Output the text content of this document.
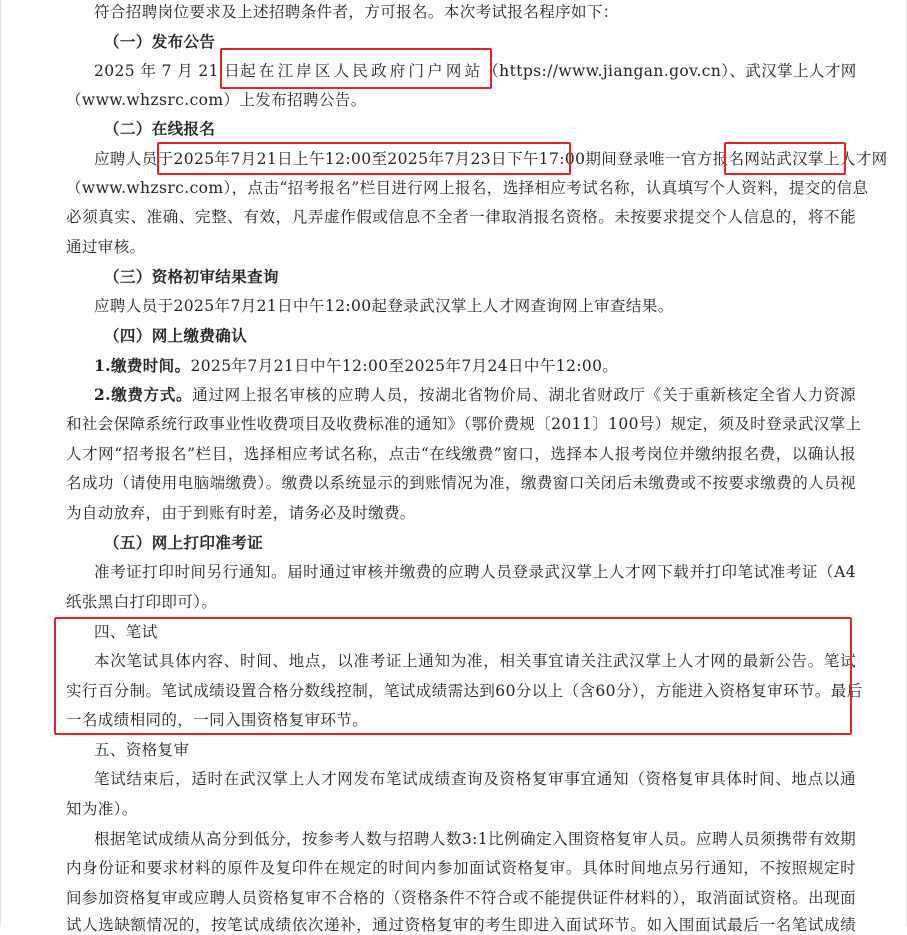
符合招聘岗位要求及上述招聘条件者，方可报名。本次考试报名程序如下：
（一）发布公告
2025 年 7 月 21 日起在江岸区人民政府门户网站（https://www.jiangan.gov.cn）、武汉掌上人才网
（www.whzsrc.com）上发布招聘公告。
（二）在线报名
应聘人员于2025年7月21日上午12:00至2025年7月23日下午17:00期间登录唯一官方报名网站武汉掌上人才网
（www.whzsrc.com），点击“招考报名”栏目进行网上报名，选择相应考试名称，认真填写个人资料，提交的信息
必须真实、准确、完整、有效，凡弄虚作假或信息不全者一律取消报名资格。未按要求提交个人信息的，将不能
通过审核。
（三）资格初审结果查询
应聘人员于2025年7月21日中午12:00起登录武汉掌上人才网查询网上审查结果。
（四）网上缴费确认
1.缴费时间。2025年7月21日中午12:00至2025年7月24日中午12:00。
2.缴费方式。通过网上报名审核的应聘人员，按湖北省物价局、湖北省财政厅《关于重新核定全省人力资源
和社会保障系统行政事业性收费项目及收费标准的通知》（鄂价费规〔2011〕100号）规定，须及时登录武汉掌上
人才网“招考报名”栏目，选择相应考试名称，点击“在线缴费”窗口，选择本人报考岗位并缴纳报名费，以确认报
名成功（请使用电脑端缴费）。缴费以系统显示的到账情况为准，缴费窗口关闭后未缴费或不按要求缴费的人员视
为自动放弃，由于到账有时差，请务必及时缴费。
（五）网上打印准考证
准考证打印时间另行通知。届时通过审核并缴费的应聘人员登录武汉掌上人才网下载并打印笔试准考证（A4
纸张黑白打印即可）。
四、笔试
本次笔试具体内容、时间、地点，以准考证上通知为准，相关事宜请关注武汉掌上人才网的最新公告。笔试
实行百分制。笔试成绩设置合格分数线控制，笔试成绩需达到60分以上（含60分），方能进入资格复审环节。最后
一名成绩相同的，一同入围资格复审环节。
五、资格复审
笔试结束后，适时在武汉掌上人才网发布笔试成绩查询及资格复审事宜通知（资格复审具体时间、地点以通
知为准）。
根据笔试成绩从高分到低分，按参考人数与招聘人数3:1比例确定入围资格复审人员。应聘人员须携带有效期
内身份证和要求材料的原件及复印件在规定的时间内参加面试资格复审。具体时间地点另行通知，不按照规定时
间参加资格复审或应聘人员资格复审不合格的（资格条件不符合或不能提供证件材料的），取消面试资格。出现面
试人选缺额情况的，按笔试成绩依次递补，通过资格复审的考生即进入面试环节。如入围面试最后一名笔试成绩
